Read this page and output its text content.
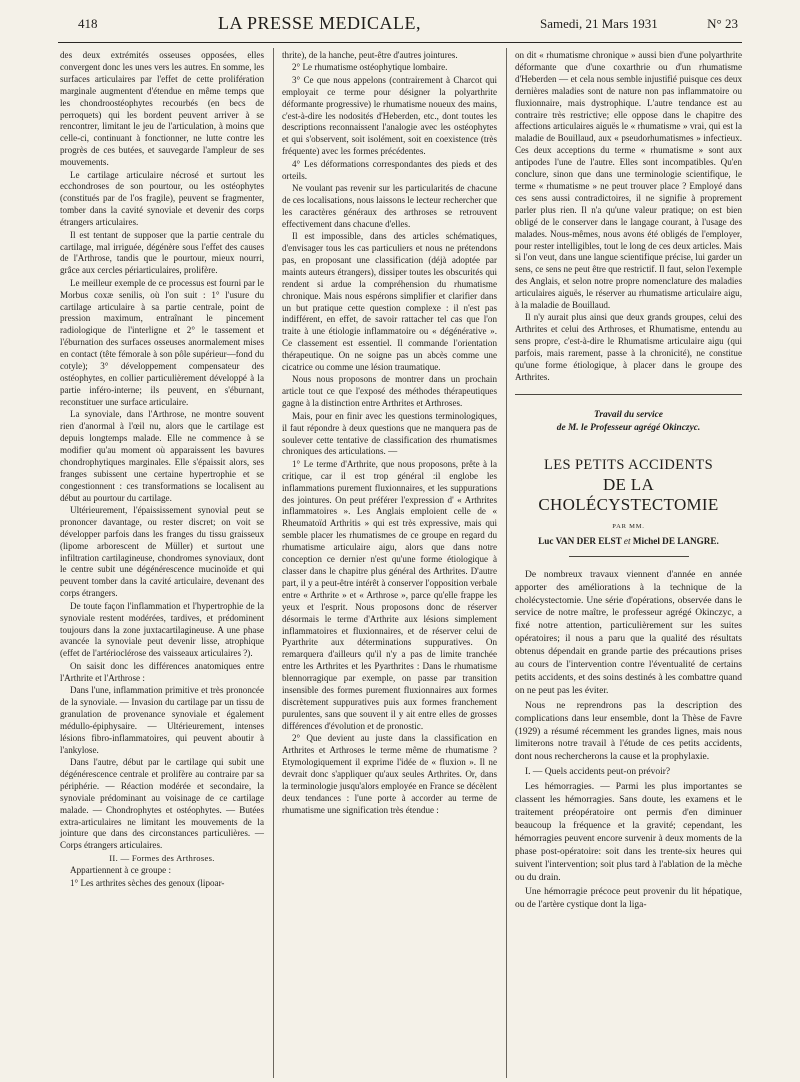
418	LA PRESSE MEDICALE,	Samedi, 21 Mars 1931	N° 23

des deux extrémités osseuses opposées, elles convergent donc les unes vers les autres. En somme, les surfaces articulaires par l'effet de cette prolifération marginale augmentent d'étendue en même temps que les chondroostéophytes recourbés (en becs de perroquets) qui les bordent peuvent arriver à se rencontrer, limitant le jeu de l'articulation, à moins que celle-ci, continuant à fonctionner, ne lutte contre les progrès de ces butées, et sauvegarde l'ampleur de ses mouvements.

Le cartilage articulaire nécrosé et surtout les ecchondroses de son pourtour, ou les ostéophytes (constitués par de l'os fragile), peuvent se fragmenter, tomber dans la cavité synoviale et devenir des corps étrangers articulaires.

Il est tentant de supposer que la partie centrale du cartilage, mal irriguée, dégénère sous l'effet des causes de l'Arthrose, tandis que le pourtour, mieux nourri, grâce aux cercles périarticulaires, prolifère.

Le meilleur exemple de ce processus est fourni par le Morbus coxæ senilis, où l'on suit : 1° l'usure du cartilage articulaire à sa partie centrale, point de pression maximum, entraînant le pincement radiologique de l'interligne et 2° le tassement et l'éburnation des surfaces osseuses anormalement mises en contact (tête fémorale à son pôle supérieur—fond du cotyle); 3° développement compensateur des ostéophytes, en collier particulièrement développé à la partie inféro-interne; ils peuvent, en s'éburnant, reconstituer une surface articulaire.

La synoviale, dans l'Arthrose, ne montre souvent rien d'anormal à l'œil nu, alors que le cartilage est depuis longtemps malade. Elle ne commence à se modifier qu'au moment où apparaissent les bavures chondrophytiques marginales. Elle s'épaissit alors, ses franges subissent une certaine hypertrophie et se congestionnent : ces transformations se localisent au début au pourtour du cartilage.

Ultérieurement, l'épaississement synovial peut se prononcer davantage, ou rester discret; on voit se développer parfois dans les franges du tissu graisseux (lipome arborescent de Müller) et surtout une infiltration cartilagineuse, chondromes synoviaux, dont le centre subit une dégénérescence mucinoïde et qui peuvent tomber dans la cavité articulaire, devenant des corps étrangers.

De toute façon l'inflammation et l'hypertrophie de la synoviale restent modérées, tardives, et prédominent toujours dans la zone juxtacartilagineuse. A une phase avancée la synoviale peut devenir lisse, atrophique (effet de l'artérioclérose des vaisseaux articulaires ?).

On saisit donc les différences anatomiques entre l'Arthrite et l'Arthrose :

Dans l'une, inflammation primitive et très prononcée de la synoviale. — Invasion du cartilage par un tissu de granulation de provenance synoviale et également médullo-épiphysaire. — Ultérieurement, intenses lésions fibro-inflammatoires, qui peuvent aboutir à l'ankylose.

Dans l'autre, début par le cartilage qui subit une dégénérescence centrale et prolifère au contraire par sa périphérie. — Réaction modérée et secondaire, la synoviale prédominant au voisinage de ce cartilage malade. — Chondrophytes et ostéophytes. — Butées extra-articulaires ne limitant les mouvements de la jointure que dans des circonstances particulières. — Corps étrangers articulaires.

II. — Formes des Arthroses.

Appartiennent à ce groupe :

1° Les arthrites sèches des genoux (lipoar-

thrite), de la hanche, peut-être d'autres jointures.

2° Le rhumatisme ostéophytique lombaire.

3° Ce que nous appelons (contrairement à Charcot qui employait ce terme pour désigner la polyarthrite déformante progressive) le rhumatisme noueux des mains, c'est-à-dire les nodosités d'Heberden, etc., dont toutes les descriptions reconnaissent l'analogie avec les ostéophytes et qui s'observent, soit isolément, soit en coexistence (très fréquente) avec les formes précédentes.

4° Les déformations correspondantes des pieds et des orteils.

Ne voulant pas revenir sur les particularités de chacune de ces localisations, nous laissons le lecteur rechercher que les caractères généraux des arthroses se retrouvent effectivement dans chacune d'elles.

Il est impossible, dans des articles schématiques, d'envisager tous les cas particuliers et nous ne prétendons pas, en proposant une classification (déjà adoptée par maints auteurs étrangers), dissiper toutes les obscurités qui rendent si ardue la compréhension du rhumatisme chronique. Mais nous espérons simplifier et clarifier dans un but pratique cette question complexe : il n'est pas indifférent, en effet, de savoir rattacher tel cas que l'on traite à une étiologie inflammatoire ou « dégénérative ». Ce classement est essentiel. Il commande l'orientation thérapeutique. On ne soigne pas un abcès comme une cicatrice ou comme une lésion traumatique.

Nous nous proposons de montrer dans un prochain article tout ce que l'exposé des méthodes thérapeutiques gagne à la distinction entre Arthrites et Arthroses.

Mais, pour en finir avec les questions terminologiques, il faut répondre à deux questions que ne manquera pas de soulever cette tentative de classification des rhumatismes chroniques des articulations. —

1° Le terme d'Arthrite, que nous proposons, prête à la critique, car il est trop général :il englobe les inflammations purement fluxionnaires, et les suppurations des jointures. On peut préférer l'expression d' « Arthrites inflammatoires ». Les Anglais emploient celle de « Rheumatoïd Arthritis » qui est très expressive, mais qui semble placer les rhumatismes de ce groupe en regard du rhumatisme articulaire aigu, alors que dans notre conception ce dernier n'est qu'une forme étiologique à classer dans le chapitre plus général des Arthrites. D'autre part, il y a peut-être intérêt à conserver l'opposition verbale entre « Arthrite » et « Arthrose », parce qu'elle frappe les yeux et l'esprit. Nous proposons donc de réserver désormais le terme d'Arthrite aux lésions simplement inflammatoires et fluxionnaires, et de réserver celui de Pyarthrite aux déterminations suppuratives. On remarquera d'ailleurs qu'il n'y a pas de limite tranchée entre les Arthrites et les Pyarthrites : Dans le rhumatisme blennorragique par exemple, on passe par transition insensible des formes purement fluxionnaires aux formes discrètement suppuratives puis aux formes franchement purulentes, sans que souvent il y ait entre elles de grosses différences d'évolution et de pronostic.

2° Que devient au juste dans la classification en Arthrites et Arthroses le terme même de rhumatisme ? Etymologiquement il exprime l'idée de « fluxion ». Il ne devrait donc s'appliquer qu'aux seules Arthrites. Or, dans la terminologie jusqu'alors employée en France se décèlent deux tendances : l'une porte à accorder au terme de rhumatisme une signification très étendue :

on dit « rhumatisme chronique » aussi bien d'une polyarthrite déformante que d'une coxarthrie ou d'un rhumatisme d'Heberden — et cela nous semble injustifié puisque ces deux dernières maladies sont de nature non pas inflammatoire ou fluxionnaire, mais dystrophique. L'autre tendance est au contraire très restrictive; elle oppose dans le chapitre des affections articulaires aiguës le « rhumatisme » vrai, qui est la maladie de Bouillaud, aux « pseudorhumatismes » infectieux. Ces deux acceptions du terme « rhumatisme » sont aux antipodes l'une de l'autre. Elles sont incompatibles. Qu'en conclure, sinon que dans une terminologie scientifique, le terme « rhumatisme » ne peut trouver place ? Employé dans ces sens aussi contradictoires, il ne signifie à proprement parler plus rien. Il n'a qu'une valeur pratique; on est bien obligé de le conserver dans le langage courant, à l'usage des malades. Nous-mêmes, nous avons été obligés de l'employer, pour rester intelligibles, tout le long de ces deux articles. Mais si l'on veut, dans une langue scientifique précise, lui garder un sens, ce sens ne peut être que restrictif. Il faut, selon l'exemple des Anglais, et selon notre propre nomenclature des maladies articulaires aiguës, le réserver au rhumatisme articulaire aigu, à la maladie de Bouillaud.

Il n'y aurait plus ainsi que deux grands groupes, celui des Arthrites et celui des Arthroses, et Rhumatisme, entendu au sens propre, c'est-à-dire le Rhumatisme articulaire aigu (qui parfois, mais rarement, passe à la chronicité), ne constitue qu'une forme étiologique, à placer dans le groupe des Arthrites.

Travail du service
de M. le Professeur agrégé Okinczyc.
LES PETITS ACCIDENTS
DE LA CHOLÉCYSTECTOMIE
PAR MM.
Luc VAN DER ELST et Michel DE LANGRE.

De nombreux travaux viennent d'année en année apporter des améliorations à la technique de la cholécystectomie. Une série d'opérations, observée dans le service de notre maître, le professeur agrégé Okinczyc, a fixé notre attention, particulièrement sur les suites opératoires; il nous a paru que la qualité des résultats obtenus dépendait en grande partie des précautions prises au cours de l'intervention contre l'éventualité de certains petits accidents, et des soins destinés à les combattre quand on ne peut pas les éviter.

Nous ne reprendrons pas la description des complications dans leur ensemble, dont la Thèse de Favre (1929) a résumé récemment les grandes lignes, mais nous limiterons notre travail à l'étude de ces petits accidents, dont nous rechercherons la cause et la prophylaxie.

I. — Quels accidents peut-on prévoir?

Les hémorragies. — Parmi les plus importantes se classent les hémorragies. Sans doute, les examens et le traitement préopératoire ont permis d'en diminuer beaucoup la fréquence et la gravité; cependant, les hémorragies peuvent encore survenir à deux moments de la phase post-opératoire: soit dans les trente-six heures qui suivent l'intervention; soit plus tard à l'ablation de la mèche ou du drain.

Une hémorragie précoce peut provenir du lit hépatique, ou de l'artère cystique dont la liga-
